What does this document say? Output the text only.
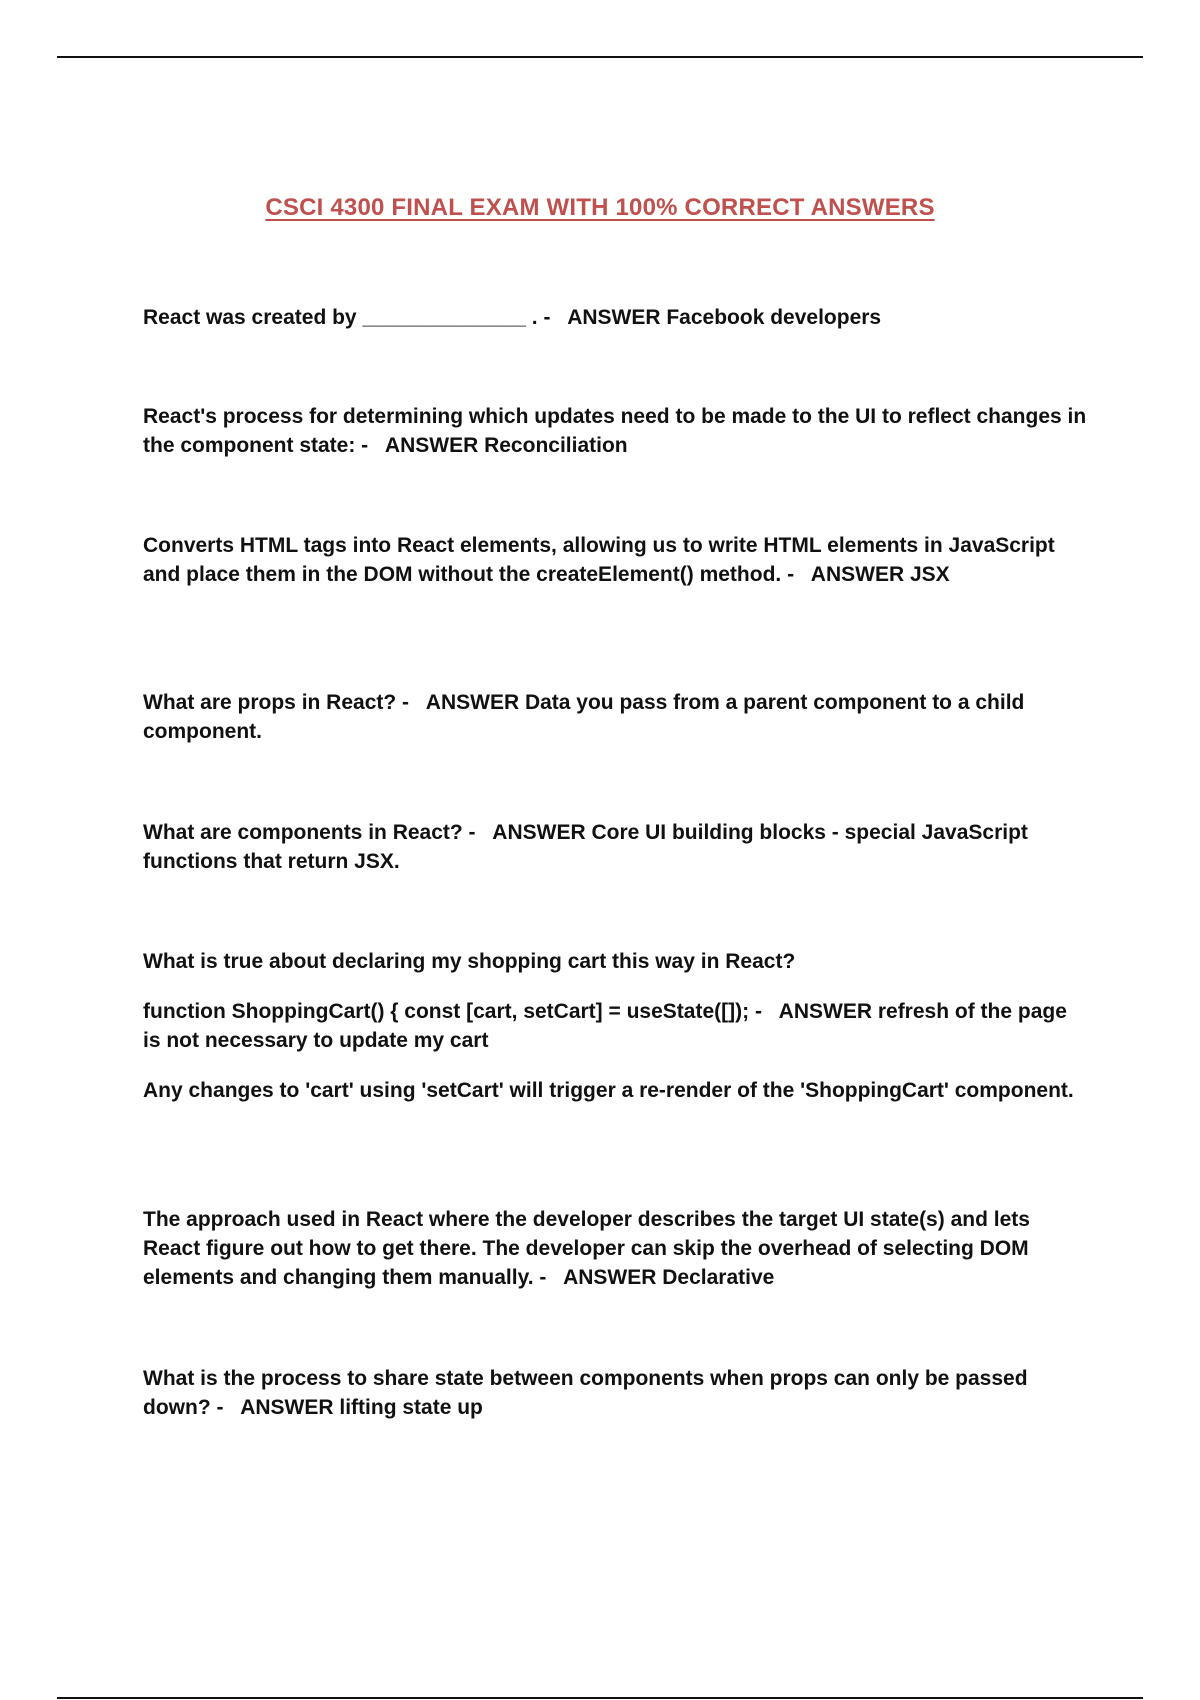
CSCI 4300 FINAL EXAM WITH 100% CORRECT ANSWERS

React was created by ______________ . - ANSWER Facebook developers

React's process for determining which updates need to be made to the UI to reflect changes in the component state: - ANSWER Reconciliation

Converts HTML tags into React elements, allowing us to write HTML elements in JavaScript and place them in the DOM without the createElement() method. - ANSWER JSX

What are props in React? - ANSWER Data you pass from a parent component to a child component.

What are components in React? - ANSWER Core UI building blocks - special JavaScript functions that return JSX.

What is true about declaring my shopping cart this way in React?

function ShoppingCart() { const [cart, setCart] = useState([]); - ANSWER refresh of the page is not necessary to update my cart

Any changes to 'cart' using 'setCart' will trigger a re-render of the 'ShoppingCart' component.

The approach used in React where the developer describes the target UI state(s) and lets React figure out how to get there. The developer can skip the overhead of selecting DOM elements and changing them manually. - ANSWER Declarative

What is the process to share state between components when props can only be passed down? - ANSWER lifting state up
